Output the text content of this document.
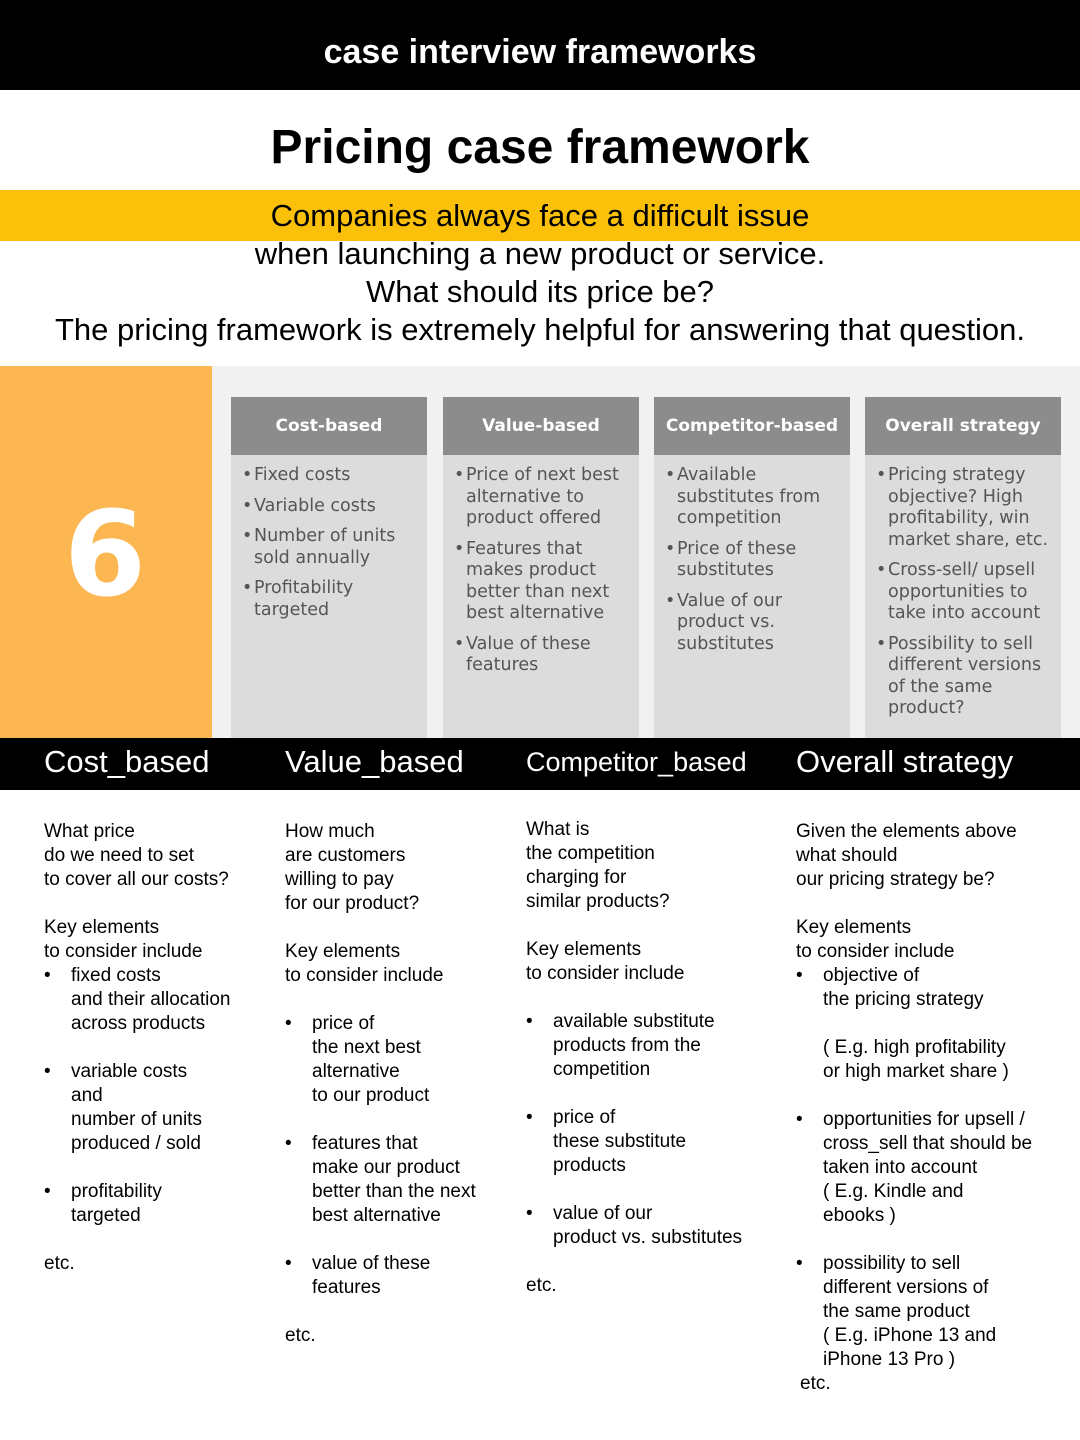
case interview frameworks
Pricing case framework
Companies always face a difficult issue
when launching a new product or service.
What should its price be?
The pricing framework is extremely helpful for answering that question.
6
Cost-based
• Fixed costs
• Variable costs
• Number of units sold annually
• Profitability targeted
Value-based
• Price of next best alternative to product offered
• Features that makes product better than next best alternative
• Value of these features
Competitor-based
• Available substitutes from competition
• Price of these substitutes
• Value of our product vs. substitutes
Overall strategy
• Pricing strategy objective? High profitability, win market share, etc.
• Cross-sell/ upsell opportunities to take into account
• Possibility to sell different versions of the same product?
Cost_based Value_based Competitor_based Overall strategy
What price
do we need to set
to cover all our costs?
Key elements
to consider include
• fixed costs
and their allocation
across products
• variable costs
and
number of units
produced / sold
• profitability
targeted
etc.
How much
are customers
willing to pay
for our product?
Key elements
to consider include
• price of
the next best
alternative
to our product
• features that
make our product
better than the next
best alternative
• value of these
features
etc.
What is
the competition
charging for
similar products?
Key elements
to consider include
• available substitute
products from the
competition
• price of
these substitute
products
• value of our
product vs. substitutes
etc.
Given the elements above
what should
our pricing strategy be?
Key elements
to consider include
• objective of
the pricing strategy
( E.g. high profitability
or high market share )
• opportunities for upsell /
cross_sell that should be
taken into account
( E.g. Kindle and
ebooks )
• possibility to sell
different versions of
the same product
( E.g. iPhone 13 and
iPhone 13 Pro )
etc.
